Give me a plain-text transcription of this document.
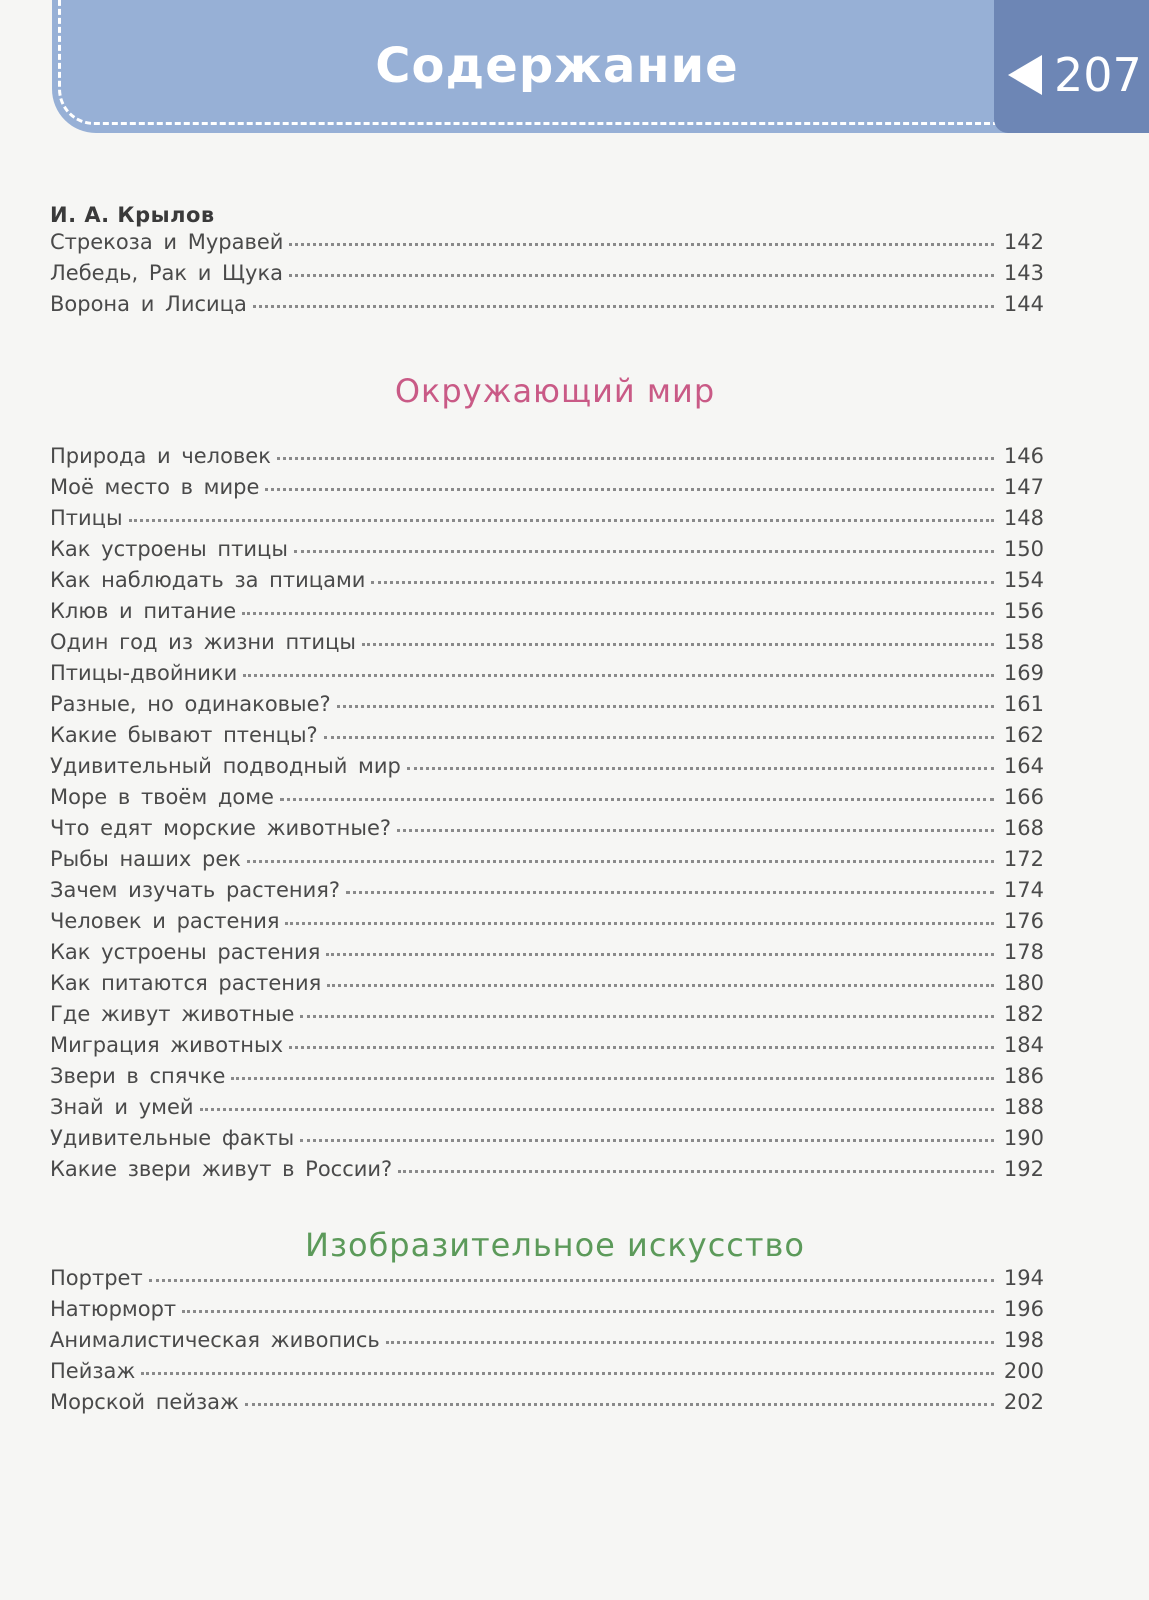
Содержание	207
И. А. Крылов
Стрекоза и Муравей	142
Лебедь, Рак и Щука	143
Ворона и Лисица	144
Окружающий мир
Природа и человек	146
Моё место в мире	147
Птицы	148
Как устроены птицы	150
Как наблюдать за птицами	154
Клюв и питание	156
Один год из жизни птицы	158
Птицы-двойники	169
Разные, но одинаковые?	161
Какие бывают птенцы?	162
Удивительный подводный мир	164
Море в твоём доме	166
Что едят морские животные?	168
Рыбы наших рек	172
Зачем изучать растения?	174
Человек и растения	176
Как устроены растения	178
Как питаются растения	180
Где живут животные	182
Миграция животных	184
Звери в спячке	186
Знай и умей	188
Удивительные факты	190
Какие звери живут в России?	192
Изобразительное искусство
Портрет	194
Натюрморт	196
Анималистическая живопись	198
Пейзаж	200
Морской пейзаж	202
